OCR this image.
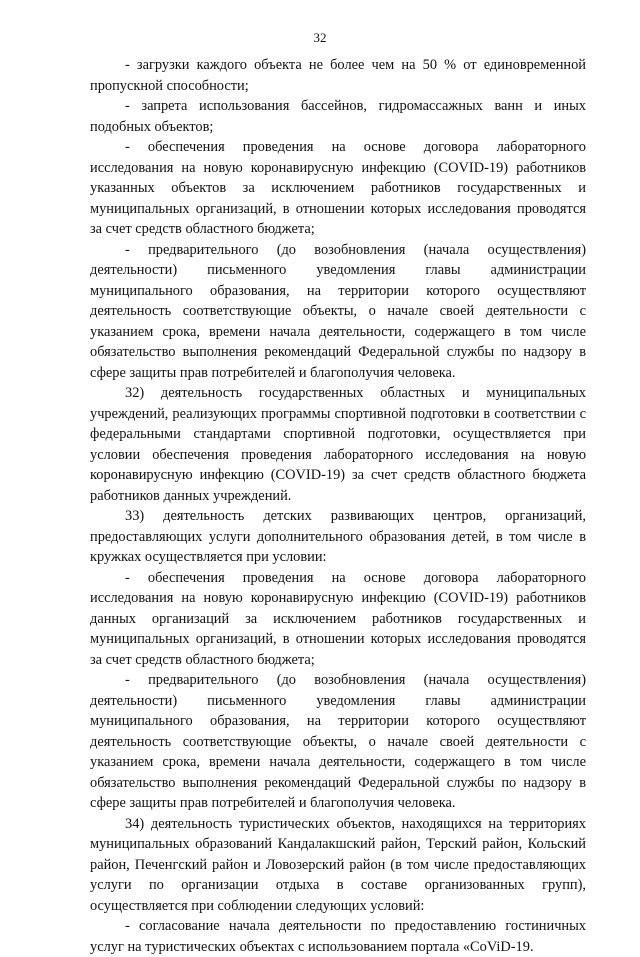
32

- загрузки каждого объекта не более чем на 50 % от единовременной пропускной способности;

- запрета использования бассейнов, гидромассажных ванн и иных подобных объектов;

- обеспечения проведения на основе договора лабораторного исследования на новую коронавирусную инфекцию (COVID-19) работников указанных объектов за исключением работников государственных и муниципальных организаций, в отношении которых исследования проводятся за счет средств областного бюджета;

- предварительного (до возобновления (начала осуществления) деятельности) письменного уведомления главы администрации муниципального образования, на территории которого осуществляют деятельность соответствующие объекты, о начале своей деятельности с указанием срока, времени начала деятельности, содержащего в том числе обязательство выполнения рекомендаций Федеральной службы по надзору в сфере защиты прав потребителей и благополучия человека.

32) деятельность государственных областных и муниципальных учреждений, реализующих программы спортивной подготовки в соответствии с федеральными стандартами спортивной подготовки, осуществляется при условии обеспечения проведения лабораторного исследования на новую коронавирусную инфекцию (COVID-19) за счет средств областного бюджета работников данных учреждений.

33) деятельность детских развивающих центров, организаций, предоставляющих услуги дополнительного образования детей, в том числе в кружках осуществляется при условии:

- обеспечения проведения на основе договора лабораторного исследования на новую коронавирусную инфекцию (COVID-19) работников данных организаций за исключением работников государственных и муниципальных организаций, в отношении которых исследования проводятся за счет средств областного бюджета;

- предварительного (до возобновления (начала осуществления) деятельности) письменного уведомления главы администрации муниципального образования, на территории которого осуществляют деятельность соответствующие объекты, о начале своей деятельности с указанием срока, времени начала деятельности, содержащего в том числе обязательство выполнения рекомендаций Федеральной службы по надзору в сфере защиты прав потребителей и благополучия человека.

34) деятельность туристических объектов, находящихся на территориях муниципальных образований Кандалакшский район, Терский район, Кольский район, Печенгский район и Ловозерский район (в том числе предоставляющих услуги по организации отдыха в составе организованных групп), осуществляется при соблюдении следующих условий:

- согласование начала деятельности по предоставлению гостиничных услуг на туристических объектах с использованием портала «CoViD-19.
